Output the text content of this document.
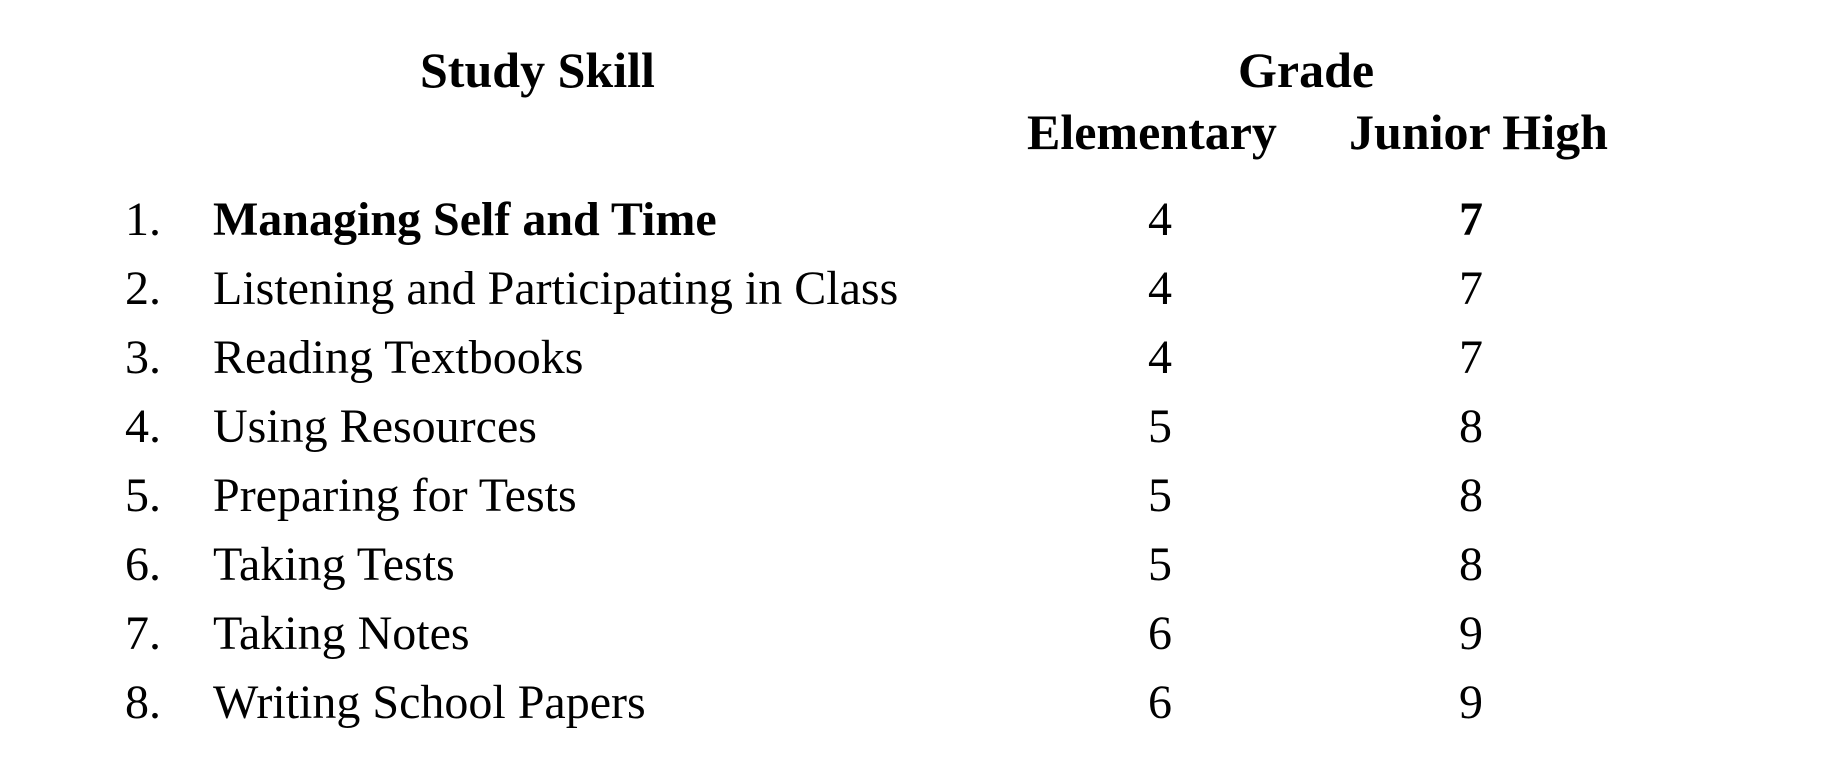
Study Skill	Grade
Elementary Junior High
1. Managing Self and Time	4	7
2. Listening and Participating in Class	4	7
3. Reading Textbooks	4	7
4. Using Resources	5	8
5. Preparing for Tests	5	8
6. Taking Tests	5	8
7. Taking Notes	6	9
8. Writing School Papers	6	9
